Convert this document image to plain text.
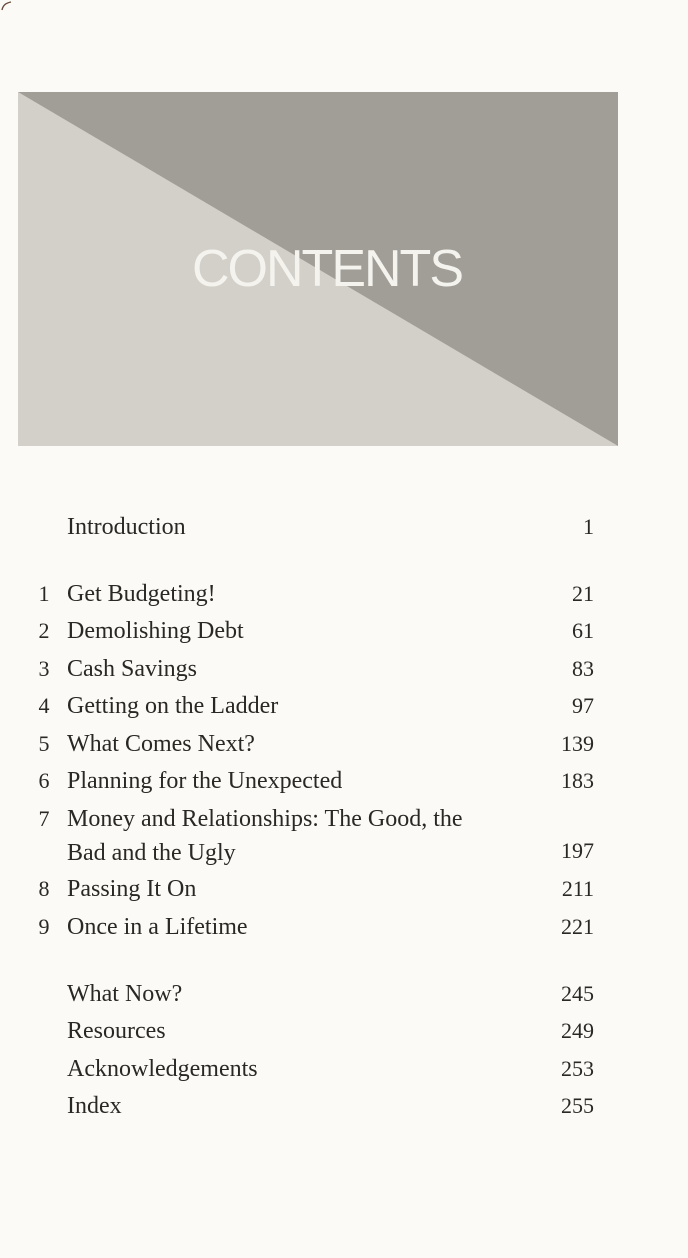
CONTENTS
Introduction	1
1 Get Budgeting!	21
2 Demolishing Debt	61
3 Cash Savings	83
4 Getting on the Ladder	97
5 What Comes Next?	139
6 Planning for the Unexpected	183
7 Money and Relationships: The Good, the Bad and the Ugly	197
8 Passing It On	211
9 Once in a Lifetime	221
What Now?	245
Resources	249
Acknowledgements	253
Index	255
